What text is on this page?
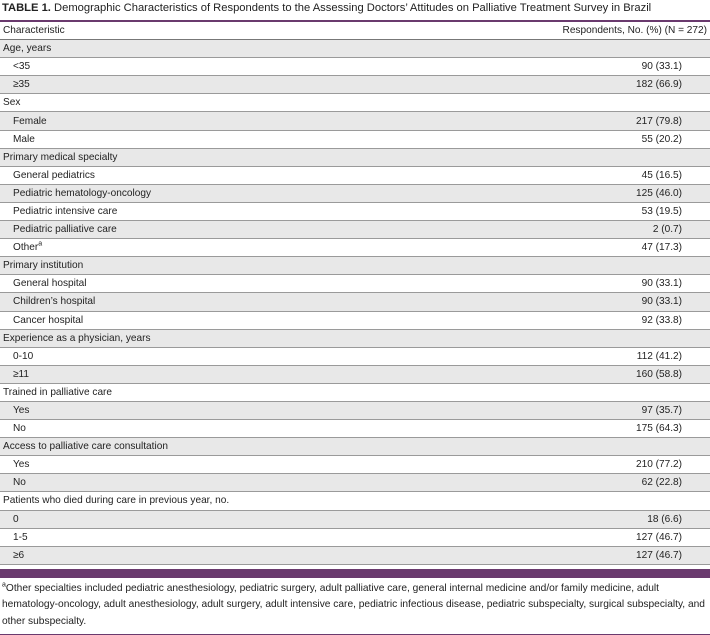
TABLE 1. Demographic Characteristics of Respondents to the Assessing Doctors’ Attitudes on Palliative Treatment Survey in Brazil
Characteristic	Respondents, No. (%) (N = 272)
Age, years	
<35	90 (33.1)
≥35	182 (66.9)
Sex	
Female	217 (79.8)
Male	55 (20.2)
Primary medical specialty	
General pediatrics	45 (16.5)
Pediatric hematology-oncology	125 (46.0)
Pediatric intensive care	53 (19.5)
Pediatric palliative care	2 (0.7)
Other$^a$	47 (17.3)
Primary institution	
General hospital	90 (33.1)
Children’s hospital	90 (33.1)
Cancer hospital	92 (33.8)
Experience as a physician, years	
0-10	112 (41.2)
≥11	160 (58.8)
Trained in palliative care	
Yes	97 (35.7)
No	175 (64.3)
Access to palliative care consultation	
Yes	210 (77.2)
No	62 (22.8)
Patients who died during care in previous year, no.	
0	18 (6.6)
1-5	127 (46.7)
≥6	127 (46.7)
$^a$Other specialties included pediatric anesthesiology, pediatric surgery, adult palliative care, general internal medicine and/or family medicine, adult hematology-oncology, adult anesthesiology, adult surgery, adult intensive care, pediatric infectious disease, pediatric subspecialty, surgical subspecialty, and other subspecialty.
